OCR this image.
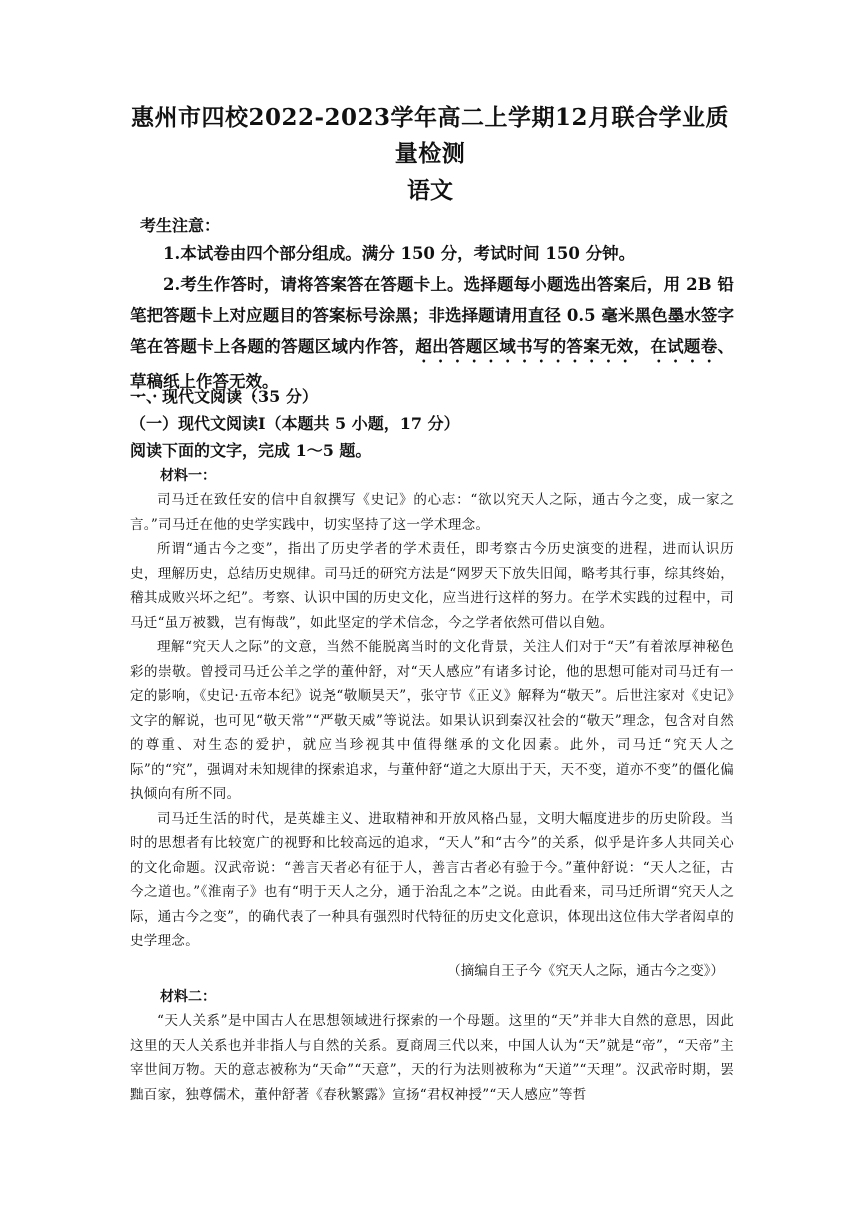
惠州市四校2022-2023学年高二上学期12月联合学业质量检测
语文
考生注意：
1.本试卷由四个部分组成。满分 150 分，考试时间 150 分钟。
2.考生作答时，请将答案答在答题卡上。选择题每小题选出答案后，用 2B 铅笔把答题卡上对应题目的答案标号涂黑；非选择题请用直径 0.5 毫米黑色墨水签字笔在答题卡上各题的答题区域内作答，超出答题区域书写的答案无效，在试题卷、草稿纸上作答无效。
一、现代文阅读（35 分）
（一）现代文阅读Ⅰ（本题共 5 小题，17 分）
阅读下面的文字，完成 1～5 题。
材料一：

司马迁在致任安的信中自叙撰写《史记》的心志：“欲以究天人之际，通古今之变，成一家之言。”司马迁在他的史学实践中，切实坚持了这一学术理念。

所谓“通古今之变”，指出了历史学者的学术责任，即考察古今历史演变的进程，进而认识历史，理解历史，总结历史规律。司马迁的研究方法是“网罗天下放失旧闻，略考其行事，综其终始，稽其成败兴坏之纪”。考察、认识中国的历史文化，应当进行这样的努力。在学术实践的过程中，司马迁“虽万被戮，岂有悔哉”，如此坚定的学术信念，今之学者依然可借以自勉。

理解“究天人之际”的文意，当然不能脱离当时的文化背景，关注人们对于“天”有着浓厚神秘色彩的崇敬。曾授司马迁公羊之学的董仲舒，对“天人感应”有诸多讨论，他的思想可能对司马迁有一定的影响，《史记·五帝本纪》说尧“敬顺昊天”，张守节《正义》解释为“敬天”。后世注家对《史记》文字的解说，也可见“敬天常”“严敬天威”等说法。如果认识到秦汉社会的“敬天”理念，包含对自然的尊重、对生态的爱护，就应当珍视其中值得继承的文化因素。此外，司马迁“究天人之际”的“究”，强调对未知规律的探索追求，与董仲舒“道之大原出于天，天不变，道亦不变”的僵化偏执倾向有所不同。

司马迁生活的时代，是英雄主义、进取精神和开放风格凸显，文明大幅度进步的历史阶段。当时的思想者有比较宽广的视野和比较高远的追求，“天人”和“古今”的关系，似乎是许多人共同关心的文化命题。汉武帝说：“善言天者必有征于人，善言古者必有验于今。”董仲舒说：“天人之征，古今之道也。”《淮南子》也有“明于天人之分，通于治乱之本”之说。由此看来，司马迁所谓“究天人之际，通古今之变”，的确代表了一种具有强烈时代特征的历史文化意识，体现出这位伟大学者闳卓的史学理念。

（摘编自王子今《究天人之际，通古今之变》）
材料二：

“天人关系”是中国古人在思想领域进行探索的一个母题。这里的“天”并非大自然的意思，因此这里的天人关系也并非指人与自然的关系。夏商周三代以来，中国人认为“天”就是“帝”，“天帝”主宰世间万物。天的意志被称为“天命”“天意”，天的行为法则被称为“天道”“天理”。汉武帝时期，罢黜百家，独尊儒术，董仲舒著《春秋繁露》宣扬“君权神授”“天人感应”等哲
